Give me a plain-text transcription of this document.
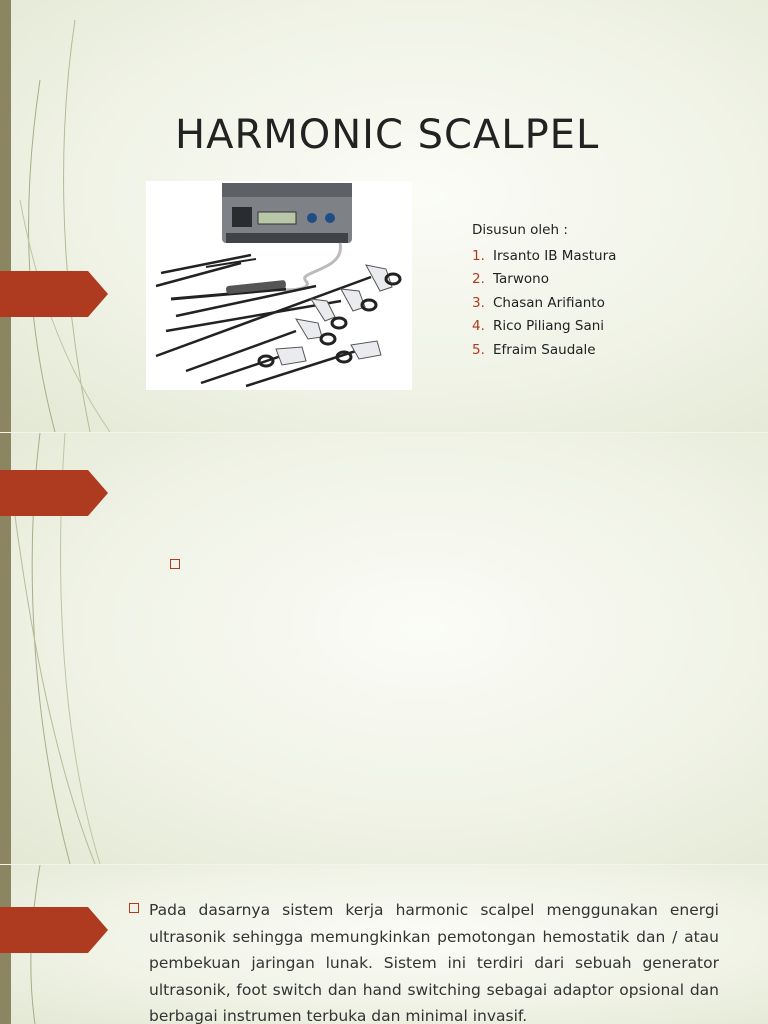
HARMONIC SCALPEL
Disusun oleh :
1. Irsanto IB Mastura
2. Tarwono
3. Chasan Arifianto
4. Rico Piliang Sani
5. Efraim Saudale
Pada dasarnya sistem kerja harmonic scalpel menggunakan energi ultrasonik sehingga memungkinkan pemotongan hemostatik dan / atau pembekuan jaringan lunak. Sistem ini terdiri dari sebuah generator ultrasonik, foot switch dan hand switching sebagai adaptor opsional dan berbagai instrumen terbuka dan minimal invasif.
